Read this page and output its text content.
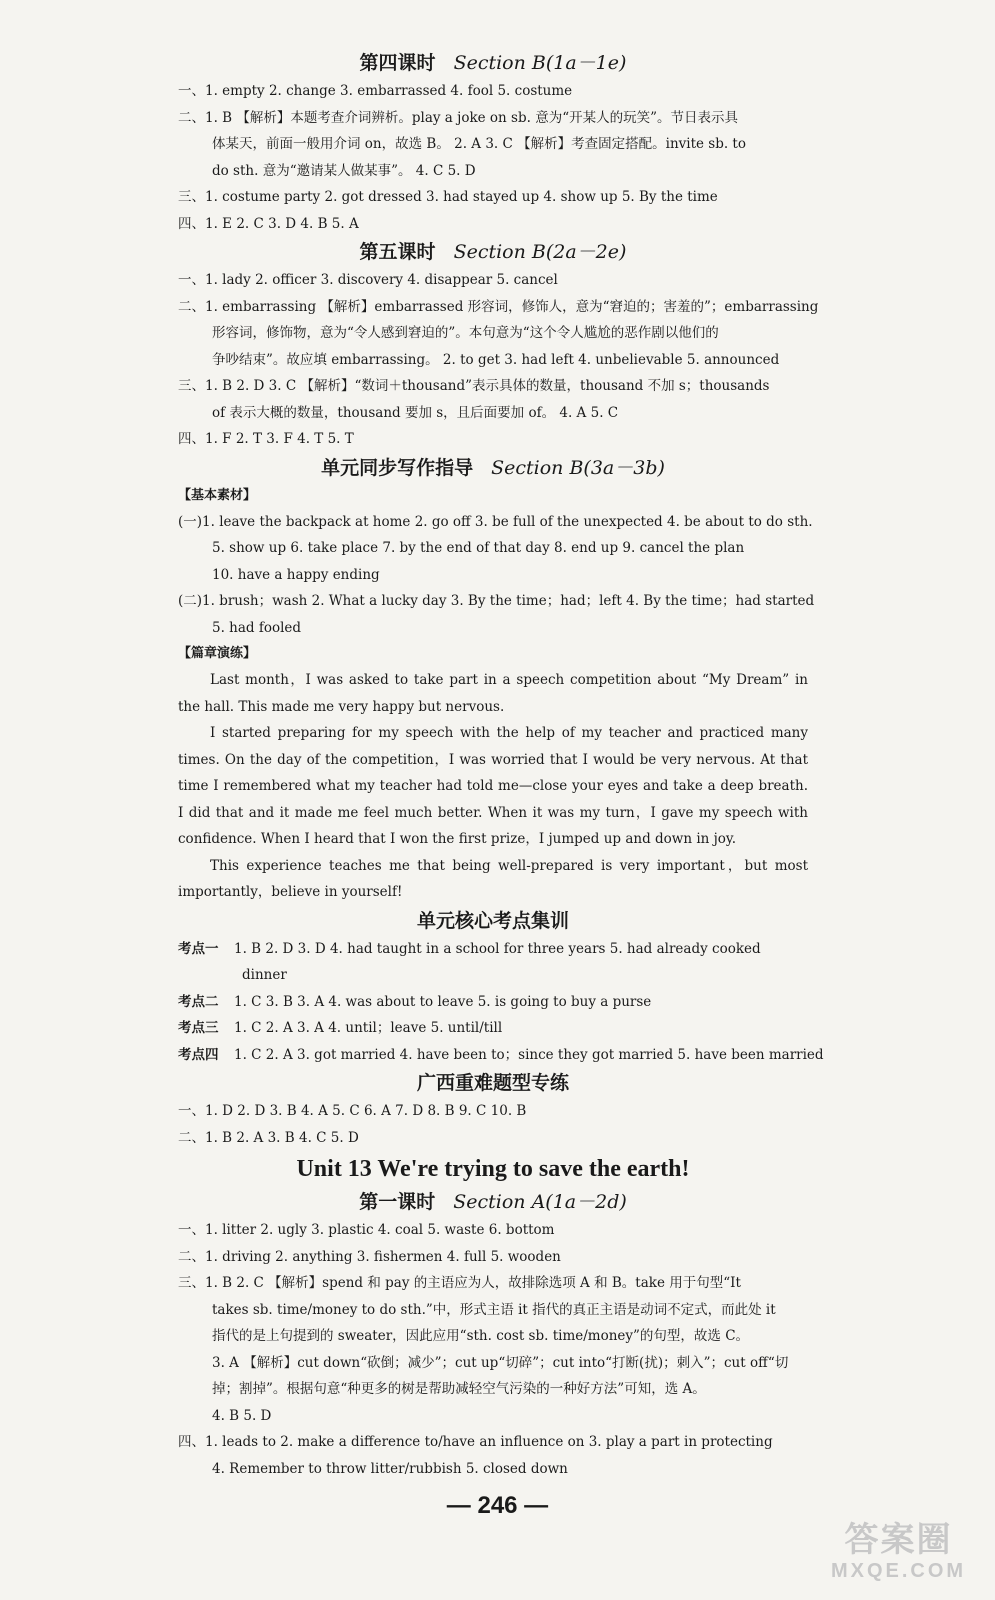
第四课时 Section B(1a－1e)
一、1. empty 2. change 3. embarrassed 4. fool 5. costume
二、1. B 【解析】本题考查介词辨析。play a joke on sb. 意为“开某人的玩笑”。节日表示具
体某天，前面一般用介词 on，故选 B。 2. A 3. C 【解析】考查固定搭配。invite sb. to
do sth. 意为“邀请某人做某事”。 4. C 5. D
三、1. costume party 2. got dressed 3. had stayed up 4. show up 5. By the time
四、1. E 2. C 3. D 4. B 5. A
第五课时 Section B(2a－2e)
一、1. lady 2. officer 3. discovery 4. disappear 5. cancel
二、1. embarrassing 【解析】embarrassed 形容词，修饰人，意为“窘迫的；害羞的”；embarrassing
形容词，修饰物，意为“令人感到窘迫的”。本句意为“这个令人尴尬的恶作剧以他们的
争吵结束”。故应填 embarrassing。 2. to get 3. had left 4. unbelievable 5. announced
三、1. B 2. D 3. C 【解析】“数词＋thousand”表示具体的数量，thousand 不加 s；thousands
of 表示大概的数量，thousand 要加 s，且后面要加 of。 4. A 5. C
四、1. F 2. T 3. F 4. T 5. T
单元同步写作指导 Section B(3a－3b)
【基本素材】
(一)1. leave the backpack at home 2. go off 3. be full of the unexpected 4. be about to do sth.
5. show up 6. take place 7. by the end of that day 8. end up 9. cancel the plan
10. have a happy ending
(二)1. brush；wash 2. What a lucky day 3. By the time；had；left 4. By the time；had started
5. had fooled
【篇章演练】

Last month，I was asked to take part in a speech competition about “My Dream” in the hall. This made me very happy but nervous.

I started preparing for my speech with the help of my teacher and practiced many times. On the day of the competition，I was worried that I would be very nervous. At that time I remembered what my teacher had told me—close your eyes and take a deep breath. I did that and it made me feel much better. When it was my turn，I gave my speech with confidence. When I heard that I won the first prize，I jumped up and down in joy.

This experience teaches me that being well-prepared is very important，but most importantly，believe in yourself!

单元核心考点集训
考点一 1. B 2. D 3. D 4. had taught in a school for three years 5. had already cooked
dinner
考点二 1. C 3. B 3. A 4. was about to leave 5. is going to buy a purse
考点三 1. C 2. A 3. A 4. until；leave 5. until/till
考点四 1. C 2. A 3. got married 4. have been to；since they got married 5. have been married
广西重难题型专练
一、1. D 2. D 3. B 4. A 5. C 6. A 7. D 8. B 9. C 10. B
二、1. B 2. A 3. B 4. C 5. D
Unit 13 We're trying to save the earth!
第一课时 Section A(1a－2d)
一、1. litter 2. ugly 3. plastic 4. coal 5. waste 6. bottom
二、1. driving 2. anything 3. fishermen 4. full 5. wooden
三、1. B 2. C 【解析】spend 和 pay 的主语应为人，故排除选项 A 和 B。take 用于句型“It
takes sb. time/money to do sth.”中，形式主语 it 指代的真正主语是动词不定式，而此处 it
指代的是上句提到的 sweater，因此应用“sth. cost sb. time/money”的句型，故选 C。
3. A 【解析】cut down“砍倒；减少”；cut up“切碎”；cut into“打断(扰)；刺入”；cut off“切
掉；割掉”。根据句意“种更多的树是帮助减轻空气污染的一种好方法”可知，选 A。
4. B 5. D
四、1. leads to 2. make a difference to/have an influence on 3. play a part in protecting
4. Remember to throw litter/rubbish 5. closed down
— 246 —
答案圈
MXQE.COM
